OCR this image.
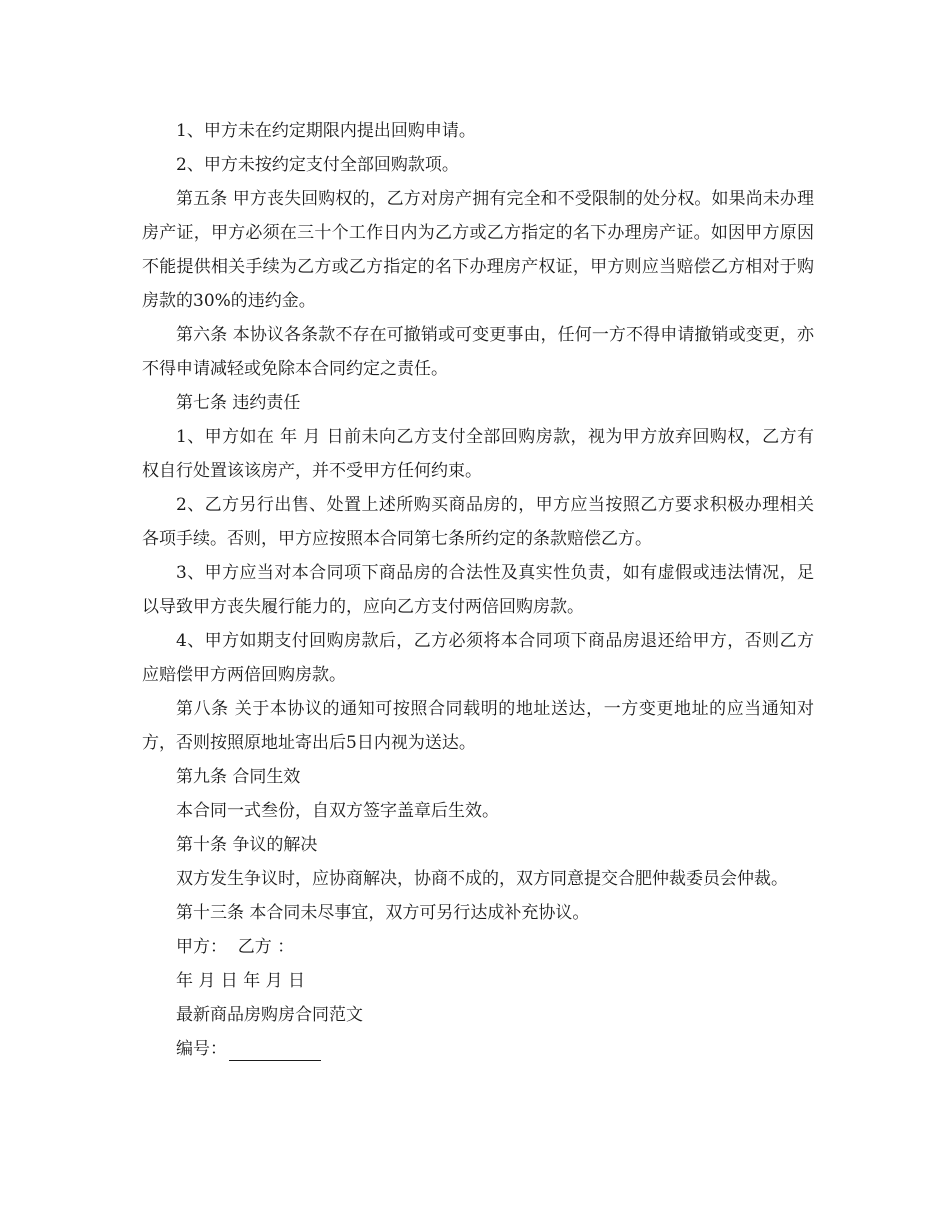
1、甲方未在约定期限内提出回购申请。

2、甲方未按约定支付全部回购款项。

第五条 甲方丧失回购权的，乙方对房产拥有完全和不受限制的处分权。如果尚未办理房产证，甲方必须在三十个工作日内为乙方或乙方指定的名下办理房产证。如因甲方原因不能提供相关手续为乙方或乙方指定的名下办理房产权证，甲方则应当赔偿乙方相对于购房款的30%的违约金。

第六条 本协议各条款不存在可撤销或可变更事由，任何一方不得申请撤销或变更，亦不得申请减轻或免除本合同约定之责任。

第七条 违约责任

1、甲方如在 年 月 日前未向乙方支付全部回购房款，视为甲方放弃回购权，乙方有权自行处置该该房产，并不受甲方任何约束。

2、乙方另行出售、处置上述所购买商品房的，甲方应当按照乙方要求积极办理相关各项手续。否则，甲方应按照本合同第七条所约定的条款赔偿乙方。

3、甲方应当对本合同项下商品房的合法性及真实性负责，如有虚假或违法情况，足以导致甲方丧失履行能力的，应向乙方支付两倍回购房款。

4、甲方如期支付回购房款后，乙方必须将本合同项下商品房退还给甲方，否则乙方应赔偿甲方两倍回购房款。

第八条 关于本协议的通知可按照合同载明的地址送达，一方变更地址的应当通知对方，否则按照原地址寄出后5日内视为送达。

第九条 合同生效

本合同一式叁份，自双方签字盖章后生效。

第十条 争议的解决

双方发生争议时，应协商解决，协商不成的，双方同意提交合肥仲裁委员会仲裁。

第十三条 本合同未尽事宜，双方可另行达成补充协议。

甲方：  乙方 ：

年 月 日 年 月 日

最新商品房购房合同范文

编号：
